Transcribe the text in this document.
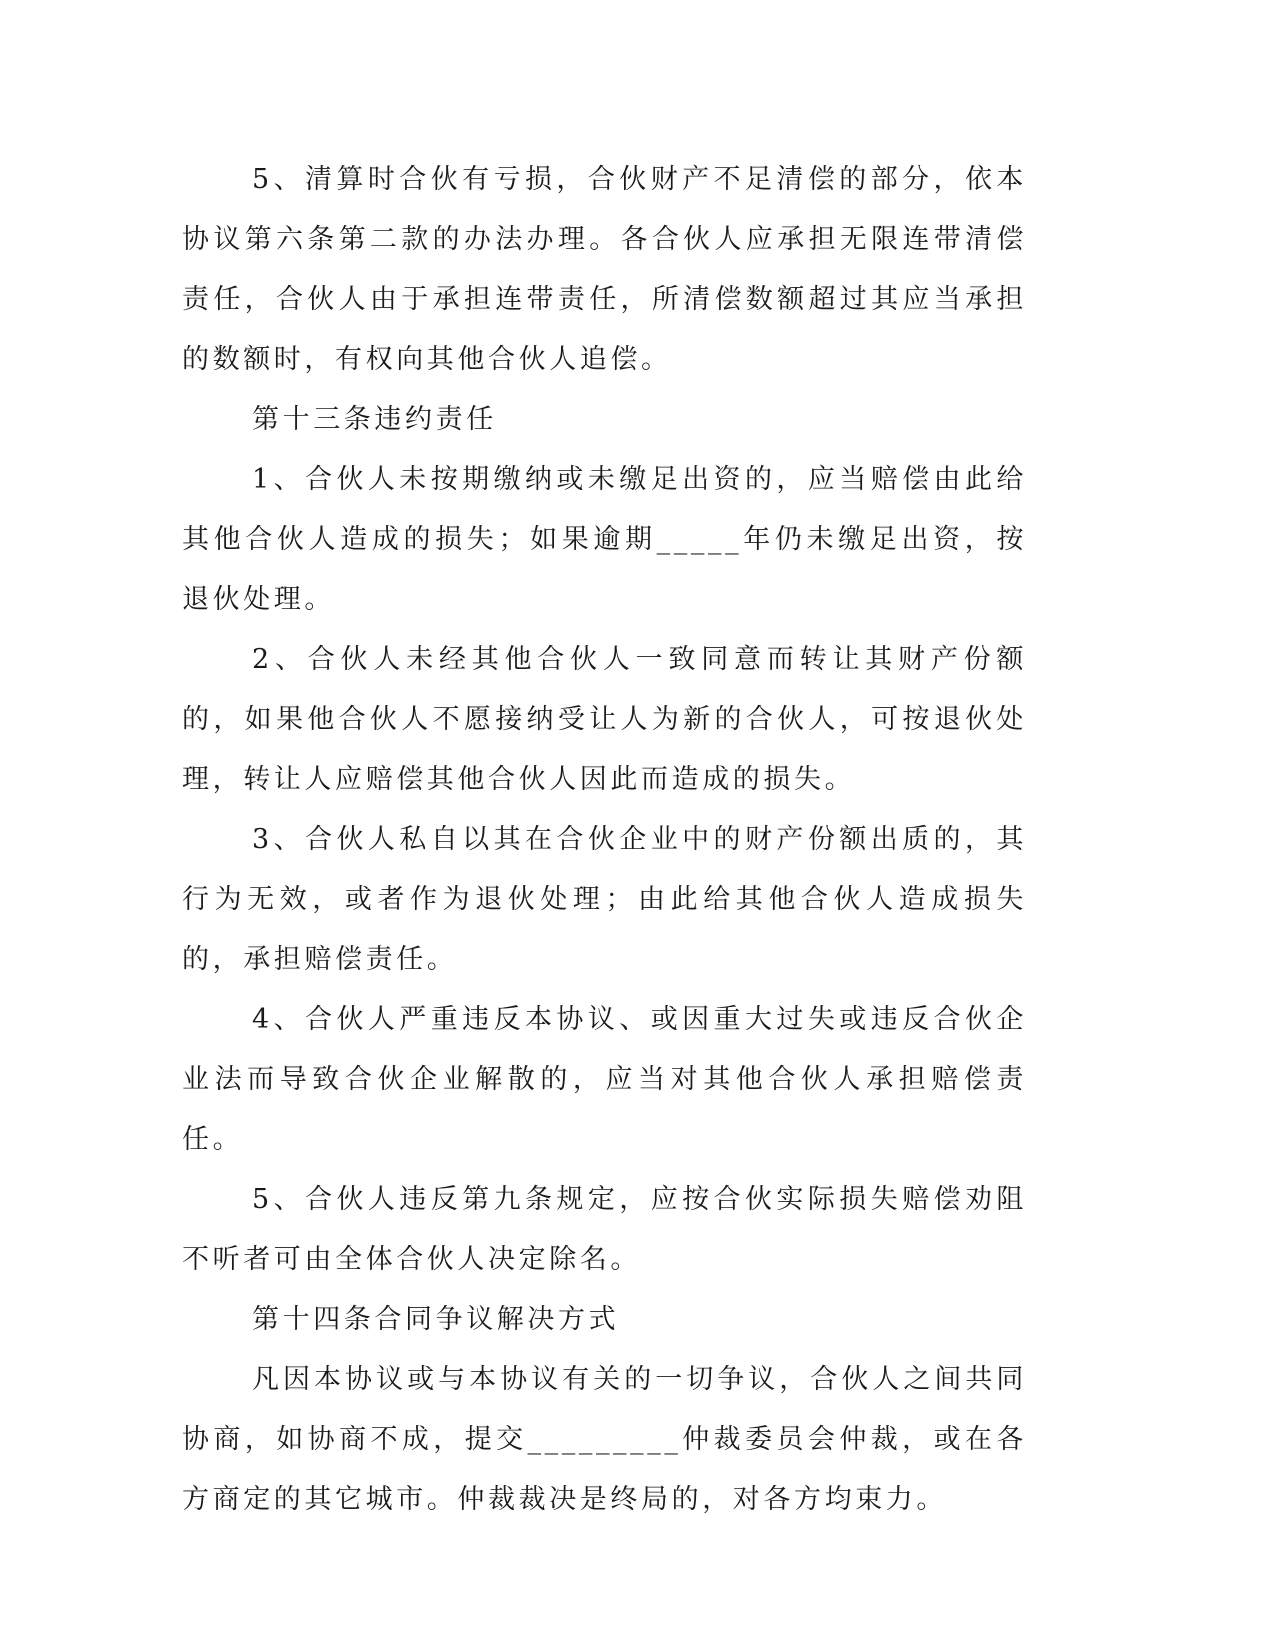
5、清算时合伙有亏损，合伙财产不足清偿的部分，依本协议第六条第二款的办法办理。各合伙人应承担无限连带清偿责任，合伙人由于承担连带责任，所清偿数额超过其应当承担的数额时，有权向其他合伙人追偿。

第十三条违约责任

1、合伙人未按期缴纳或未缴足出资的，应当赔偿由此给其他合伙人造成的损失；如果逾期_____年仍未缴足出资，按退伙处理。

2、合伙人未经其他合伙人一致同意而转让其财产份额的，如果他合伙人不愿接纳受让人为新的合伙人，可按退伙处理，转让人应赔偿其他合伙人因此而造成的损失。

3、合伙人私自以其在合伙企业中的财产份额出质的，其行为无效，或者作为退伙处理；由此给其他合伙人造成损失的，承担赔偿责任。

4、合伙人严重违反本协议、或因重大过失或违反合伙企业法而导致合伙企业解散的，应当对其他合伙人承担赔偿责任。

5、合伙人违反第九条规定，应按合伙实际损失赔偿劝阻不听者可由全体合伙人决定除名。

第十四条合同争议解决方式

凡因本协议或与本协议有关的一切争议，合伙人之间共同协商，如协商不成，提交_________仲裁委员会仲裁，或在各方商定的其它城市。仲裁裁决是终局的，对各方均束力。
